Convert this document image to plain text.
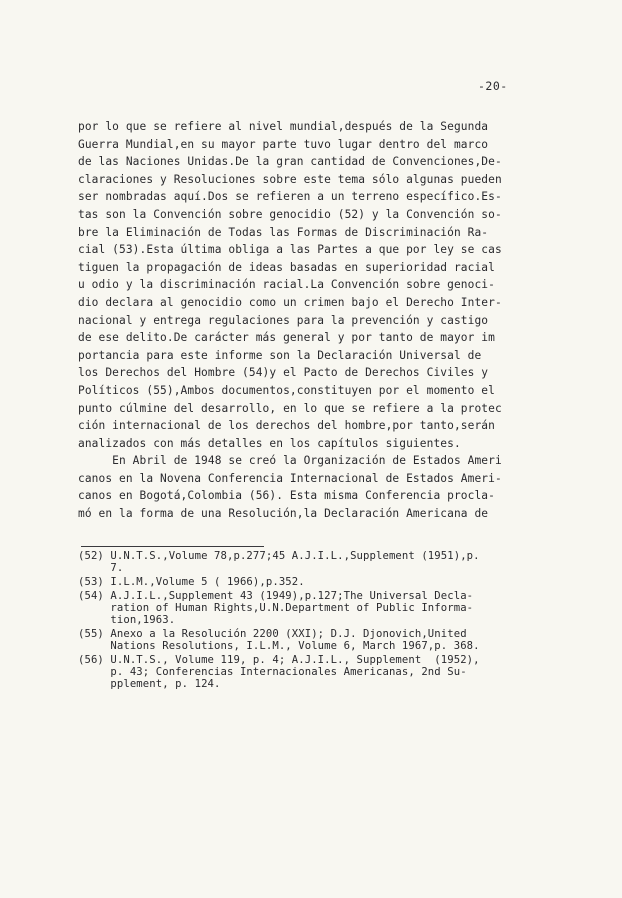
-20-
por lo que se refiere al nivel mundial,después de la Segunda
Guerra Mundial,en su mayor parte tuvo lugar dentro del marco
de las Naciones Unidas.De la gran cantidad de Convenciones,De-
claraciones y Resoluciones sobre este tema sólo algunas pueden
ser nombradas aquí.Dos se refieren a un terreno específico.Es-
tas son la Convención sobre genocidio (52) y la Convención so-
bre la Eliminación de Todas las Formas de Discriminación Ra-
cial (53).Esta última obliga a las Partes a que por ley se cas
tiguen la propagación de ideas basadas en superioridad racial
u odio y la discriminación racial.La Convención sobre genoci-
dio declara al genocidio como un crimen bajo el Derecho Inter-
nacional y entrega regulaciones para la prevención y castigo
de ese delito.De carácter más general y por tanto de mayor im
portancia para este informe son la Declaración Universal de
los Derechos del Hombre (54)y el Pacto de Derechos Civiles y
Políticos (55),Ambos documentos,constituyen por el momento el
punto cúlmine del desarrollo, en lo que se refiere a la protec
ción internacional de los derechos del hombre,por tanto,serán
analizados con más detalles en los capítulos siguientes.
En Abril de 1948 se creó la Organización de Estados Ameri
canos en la Novena Conferencia Internacional de Estados Ameri-
canos en Bogotá,Colombia (56). Esta misma Conferencia procla-
mó en la forma de una Resolución,la Declaración Americana de
(52) U.N.T.S.,Volume 78,p.277;45 A.J.I.L.,Supplement (1951),p.
7.
(53) I.L.M.,Volume 5 ( 1966),p.352.
(54) A.J.I.L.,Supplement 43 (1949),p.127;The Universal Decla-
ration of Human Rights,U.N.Department of Public Informa-
tion,1963.
(55) Anexo a la Resolución 2200 (XXI); D.J. Djonovich,United
Nations Resolutions, I.L.M., Volume 6, March 1967,p. 368.
(56) U.N.T.S., Volume 119, p. 4; A.J.I.L., Supplement  (1952),
p. 43; Conferencias Internacionales Americanas, 2nd Su-
pplement, p. 124.
